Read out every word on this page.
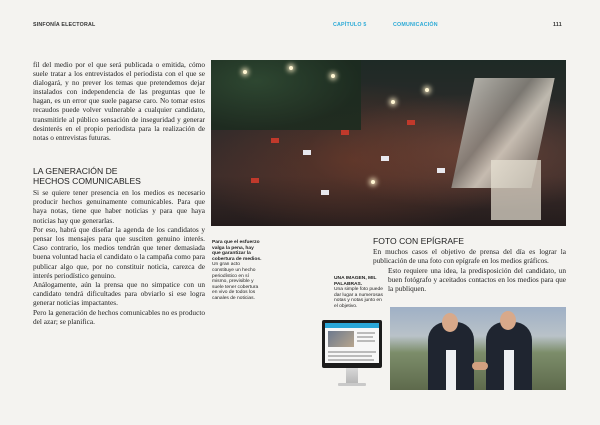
SINFONÍA ELECTORAL	CAPÍTULO 5	COMUNICACIÓN	111

fil del medio por el que será publicada o emitida, cómo suele tratar a los entrevistados el periodista con el que se dialogará, y no prever los temas que pretendemos dejar instalados con independencia de las preguntas que le hagan, es un error que suele pagarse caro. No tomar estos recaudos puede volver vulnerable a cualquier candidato, transmitirle al público sensación de inseguridad y generar desinterés en el propio periodista para la realización de notas o entrevistas futuras.

LA GENERACIÓN DE
HECHOS COMUNICABLES

Si se quiere tener presencia en los medios es necesario producir hechos genuinamente comunicables. Para que haya notas, tiene que haber noticias y para que haya noticias hay que generarlas.

Por eso, habrá que diseñar la agenda de los candidatos y pensar los mensajes para que susciten genuino interés. Caso contrario, los medios tendrán que tener demasiada buena voluntad hacia el candidato o la campaña como para publicar algo que, por no constituir noticia, carezca de interés periodístico genuino.

Análogamente, aún la prensa que no simpatice con un candidato tendrá dificultades para obviarlo si ese logra generar noticias impactantes.

Pero la generación de hechos comunicables no es producto del azar; se planifica.

Para que el esfuerzo valga la pena, hay que garantizar la cobertura de medios.
Un gran acto constituye un hecho periodístico en sí mismo, previsible y suele tener cobertura en vivo de todos los canales de noticias.
FOTO CON EPÍGRAFE

En muchos casos el objetivo de prensa del día es lograr la publicación de una foto con epígrafe en los medios gráficos.

Esto requiere una idea, la predisposición del candidato, un buen fotógrafo y aceitados contactos en los medios para que la publiquen.

UNA IMAGEN, MIL PALABRAS.
Una simple foto puede dar lugar a numerosas notas y notas junto en el objetivo.
